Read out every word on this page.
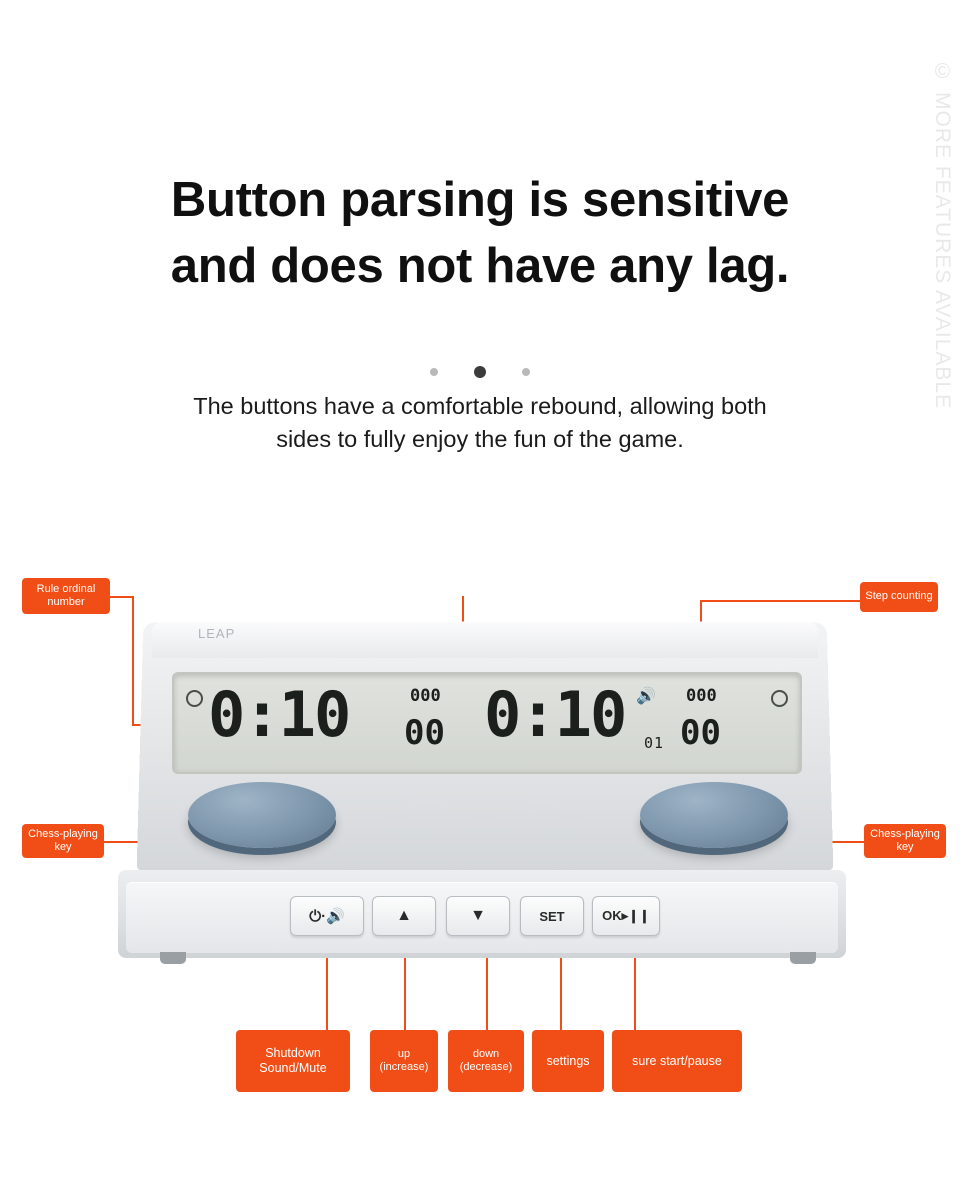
©MORE FEATURES AVAILABLE
Button parsing is sensitive
and does not have any lag.

The buttons have a comfortable rebound, allowing both
sides to fully enjoy the fun of the game.
LEAP
0:10 00
000	🔊
01
0:10 00
000
⏻·🔊	▲	▼	SET	OK▸❙❙
Rule ordinal
number	Step counting
Chess-playing
key
Chess-playing
key
Shutdown
Sound/Mute
up
(increase)
down
(decrease)	settings	sure start/pause
